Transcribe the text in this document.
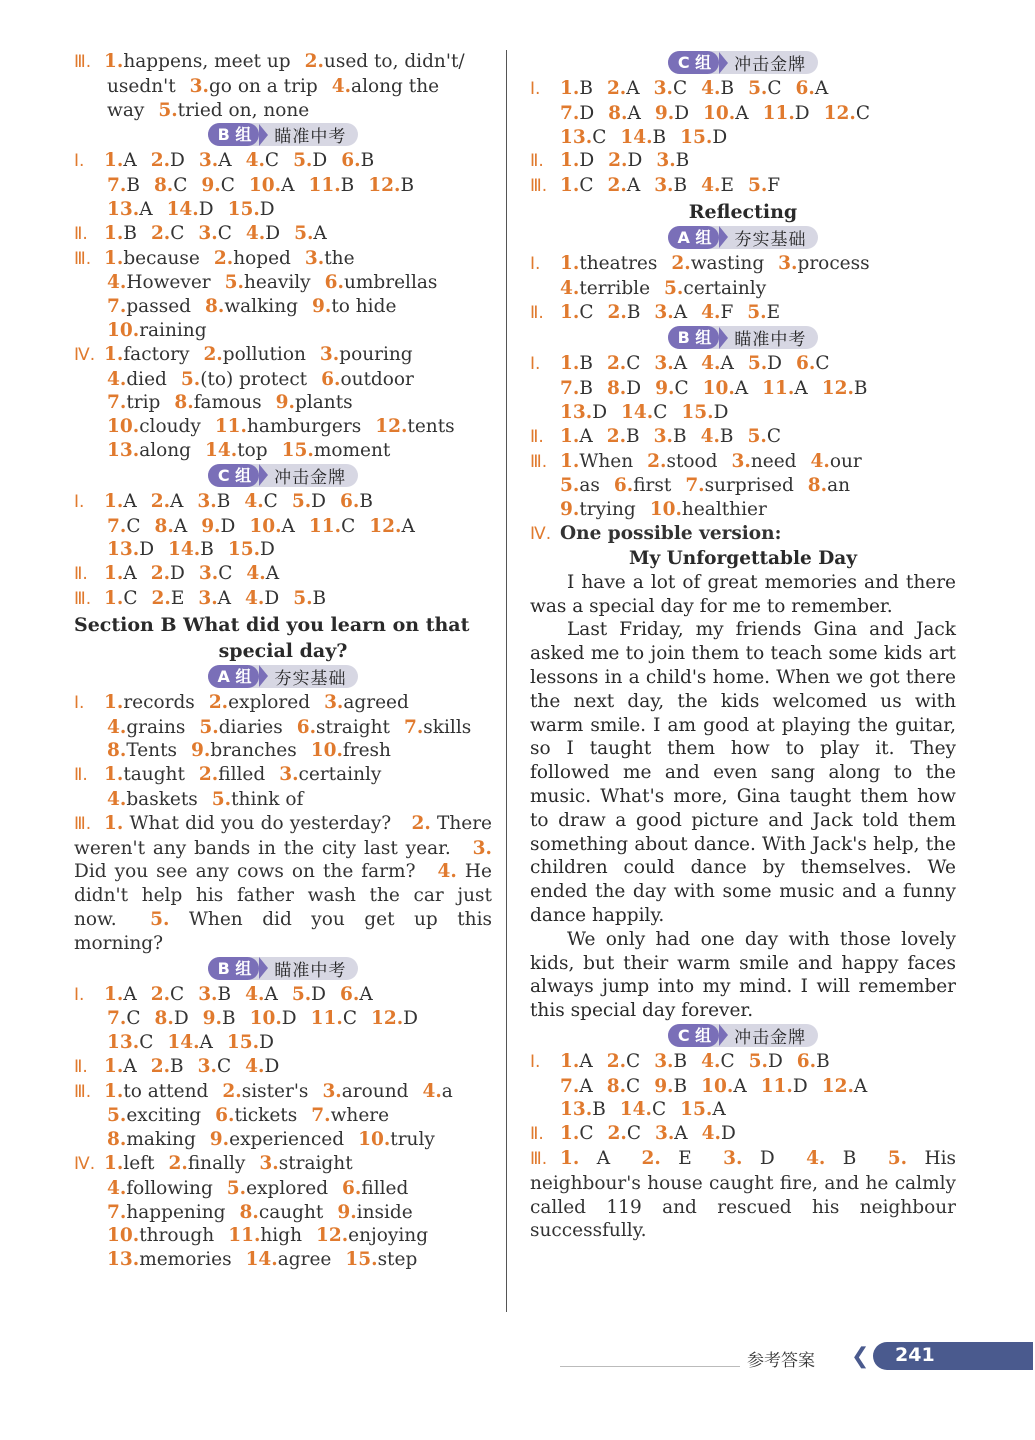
Ⅲ. 1.happens, meet up 2.used to, didn't/
usedn't 3.go on a trip 4.along the
way 5.tried on, none
B 组	瞄准中考
Ⅰ. 1.A 2.D 3.A 4.C 5.D 6.B
7.B 8.C 9.C 10.A 11.B 12.B
13.A 14.D 15.D
Ⅱ. 1.B 2.C 3.C 4.D 5.A
Ⅲ. 1.because 2.hoped 3.the
4.However 5.heavily 6.umbrellas
7.passed 8.walking 9.to hide
10.raining
Ⅳ. 1.factory 2.pollution 3.pouring
4.died 5.(to) protect 6.outdoor
7.trip 8.famous 9.plants
10.cloudy 11.hamburgers 12.tents
13.along 14.top 15.moment
C 组	冲击金牌
Ⅰ. 1.A 2.A 3.B 4.C 5.D 6.B
7.C 8.A 9.D 10.A 11.C 12.A
13.D 14.B 15.D
Ⅱ. 1.A 2.D 3.C 4.A
Ⅲ. 1.C 2.E 3.A 4.D 5.B
Section B What did you learn on that
special day?
A 组	夯实基础
Ⅰ. 1.records 2.explored 3.agreed
4.grains 5.diaries 6.straight 7.skills
8.Tents 9.branches 10.fresh
Ⅱ. 1.taught 2.filled 3.certainly
4.baskets 5.think of
Ⅲ. 1. What did you do yesterday? 2. There weren't any bands in the city last year. 3. Did you see any cows on the farm? 4. He didn't help his father wash the car just now. 5. When did you get up this morning?
B 组	瞄准中考
Ⅰ. 1.A 2.C 3.B 4.A 5.D 6.A
7.C 8.D 9.B 10.D 11.C 12.D
13.C 14.A 15.D
Ⅱ. 1.A 2.B 3.C 4.D
Ⅲ. 1.to attend 2.sister's 3.around 4.a
5.exciting 6.tickets 7.where
8.making 9.experienced 10.truly
Ⅳ. 1.left 2.finally 3.straight
4.following 5.explored 6.filled
7.happening 8.caught 9.inside
10.through 11.high 12.enjoying
13.memories 14.agree 15.step
C 组	冲击金牌
Ⅰ. 1.B 2.A 3.C 4.B 5.C 6.A
7.D 8.A 9.D 10.A 11.D 12.C
13.C 14.B 15.D
Ⅱ. 1.D 2.D 3.B
Ⅲ. 1.C 2.A 3.B 4.E 5.F
Reflecting
A 组	夯实基础
Ⅰ. 1.theatres 2.wasting 3.process
4.terrible 5.certainly
Ⅱ. 1.C 2.B 3.A 4.F 5.E
B 组	瞄准中考
Ⅰ. 1.B 2.C 3.A 4.A 5.D 6.C
7.B 8.D 9.C 10.A 11.A 12.B
13.D 14.C 15.D
Ⅱ. 1.A 2.B 3.B 4.B 5.C
Ⅲ. 1.When 2.stood 3.need 4.our
5.as 6.first 7.surprised 8.an
9.trying 10.healthier
Ⅳ. One possible version:
My Unforgettable Day
I have a lot of great memories and there was a special day for me to remember.
Last Friday, my friends Gina and Jack asked me to join them to teach some kids art lessons in a child's home. When we got there the next day, the kids welcomed us with warm smile. I am good at playing the guitar, so I taught them how to play it. They followed me and even sang along to the music. What's more, Gina taught them how to draw a good picture and Jack told them something about dance. With Jack's help, the children could dance by themselves. We ended the day with some music and a funny dance happily.
We only had one day with those lovely kids, but their warm smile and happy faces always jump into my mind. I will remember this special day forever.
C 组	冲击金牌
Ⅰ. 1.A 2.C 3.B 4.C 5.D 6.B
7.A 8.C 9.B 10.A 11.D 12.A
13.B 14.C 15.A
Ⅱ. 1.C 2.C 3.A 4.D
Ⅲ. 1. A 2. E 3. D 4. B 5. His neighbour's house caught fire, and he calmly called 119 and rescued his neighbour successfully.
参考答案 ❮ 241
